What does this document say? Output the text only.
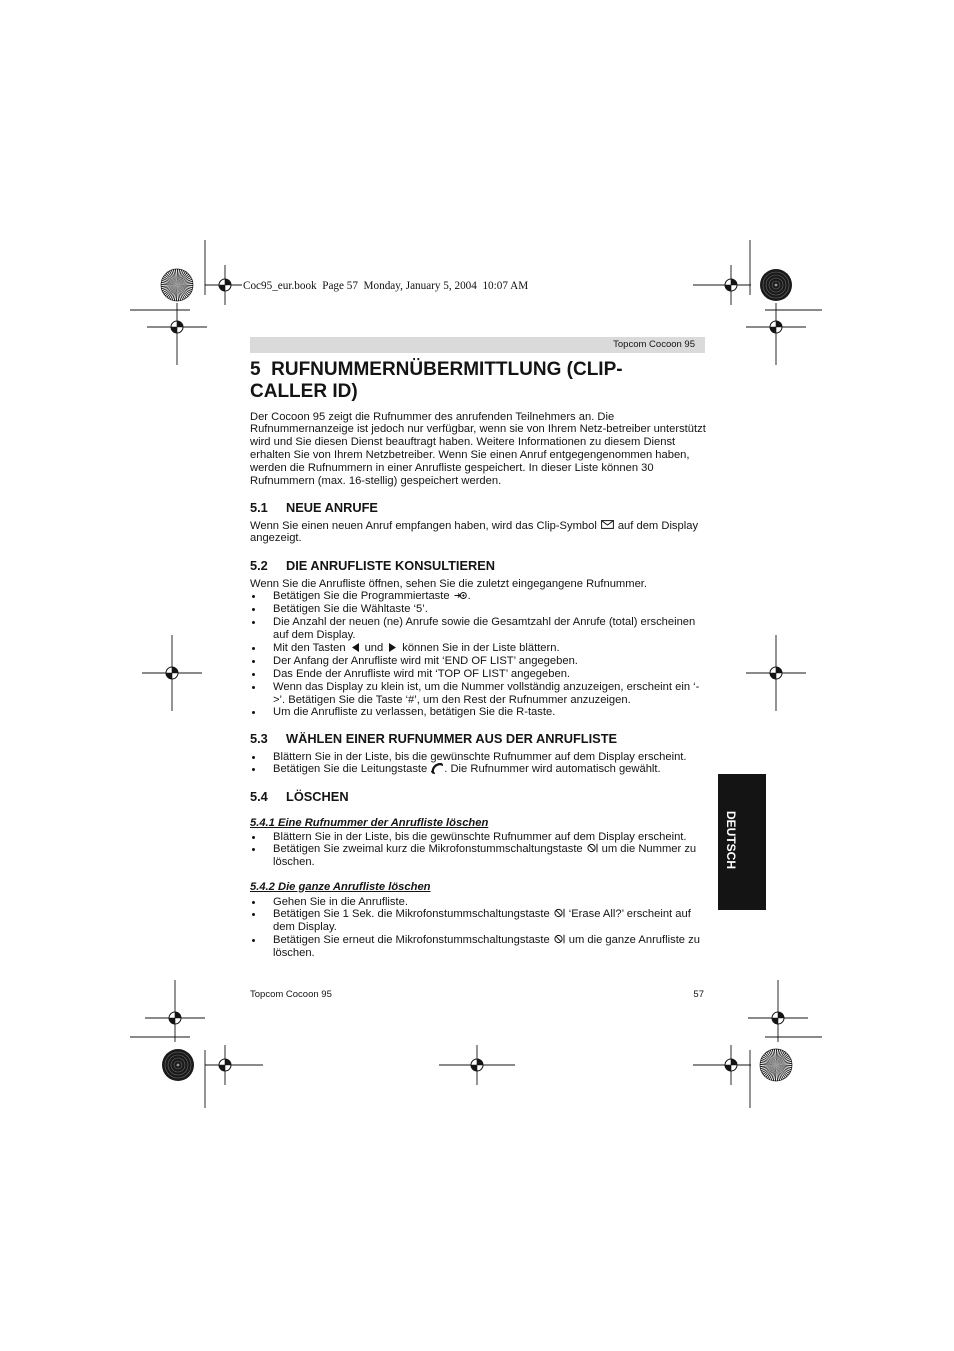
Coc95_eur.book  Page 57  Monday, January 5, 2004  10:07 AM
Topcom Cocoon 95
5  RUFNUMMERNÜBERMITTLUNG (CLIP-
CALLER ID)
Der Cocoon 95 zeigt die Rufnummer des anrufenden Teilnehmers an. Die
Rufnummernanzeige ist jedoch nur verfügbar, wenn sie von Ihrem Netz-betreiber unterstützt
wird und Sie diesen Dienst beauftragt haben. Weitere Informationen zu diesem Dienst
erhalten Sie von Ihrem Netzbetreiber. Wenn Sie einen Anruf entgegengenommen haben,
werden die Rufnummern in einer Anrufliste gespeichert. In dieser Liste können 30
Rufnummern (max. 16-stellig) gespeichert werden.
5.1 NEUE ANRUFE
Wenn Sie einen neuen Anruf empfangen haben, wird das Clip-Symbol auf dem Display
angezeigt.
5.2 DIE ANRUFLISTE KONSULTIEREN
Wenn Sie die Anrufliste öffnen, sehen Sie die zuletzt eingegangene Rufnummer.
Betätigen Sie die Programmiertaste .
Betätigen Sie die Wähltaste ‘5’.
Die Anzahl der neuen (ne) Anrufe sowie die Gesamtzahl der Anrufe (total) erscheinen
auf dem Display.
Mit den Tasten und können Sie in der Liste blättern.
Der Anfang der Anrufliste wird mit ‘END OF LIST’ angegeben.
Das Ende der Anrufliste wird mit ‘TOP OF LIST’ angegeben.
Wenn das Display zu klein ist, um die Nummer vollständig anzuzeigen, erscheint ein ‘-
>’. Betätigen Sie die Taste ‘#’, um den Rest der Rufnummer anzuzeigen.
Um die Anrufliste zu verlassen, betätigen Sie die R-taste.
5.3 WÄHLEN EINER RUFNUMMER AUS DER ANRUFLISTE
Blättern Sie in der Liste, bis die gewünschte Rufnummer auf dem Display erscheint.
Betätigen Sie die Leitungstaste . Die Rufnummer wird automatisch gewählt.
5.4 LÖSCHEN
5.4.1 Eine Rufnummer der Anrufliste löschen
Blättern Sie in der Liste, bis die gewünschte Rufnummer auf dem Display erscheint.
Betätigen Sie zweimal kurz die Mikrofonstummschaltungstaste um die Nummer zu
löschen.
5.4.2 Die ganze Anrufliste löschen
Gehen Sie in die Anrufliste.
Betätigen Sie 1 Sek. die Mikrofonstummschaltungstaste ‘Erase All?’ erscheint auf
dem Display.
Betätigen Sie erneut die Mikrofonstummschaltungstaste um die ganze Anrufliste zu
löschen.
Topcom Cocoon 95	57
DEUTSCH
